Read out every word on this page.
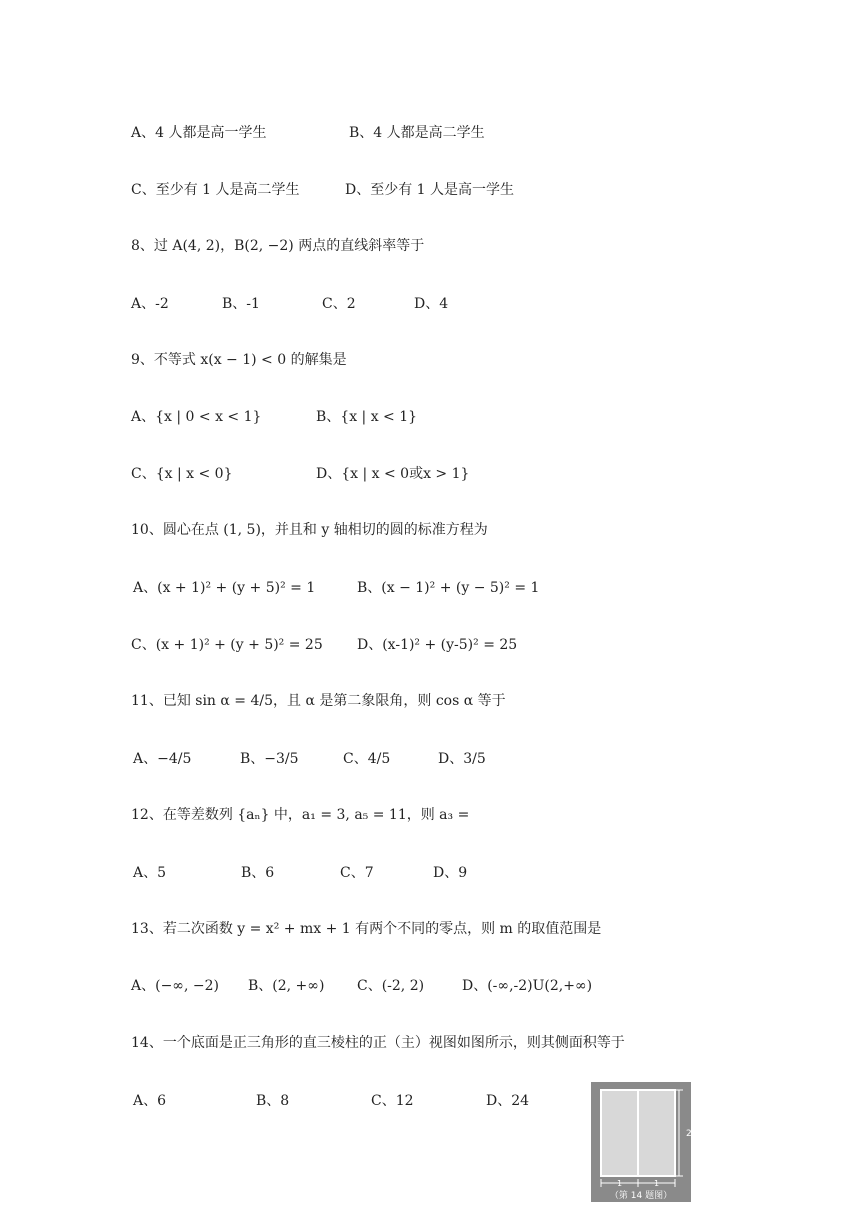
A、4 人都是高一学生	B、4 人都是高二学生
C、至少有 1 人是高二学生	D、至少有 1 人是高一学生
8、过 A(4, 2)，B(2, −2) 两点的直线斜率等于
A、-2	B、-1	C、2	D、4
9、不等式 x(x − 1) < 0 的解集是
A、{x | 0 < x < 1}	B、{x | x < 1}
C、{x | x < 0}	D、{x | x < 0或x > 1}
10、圆心在点 (1, 5)，并且和 y 轴相切的圆的标准方程为
A、(x + 1)² + (y + 5)² = 1	B、(x − 1)² + (y − 5)² = 1
C、(x + 1)² + (y + 5)² = 25 D、(x-1)² + (y-5)² = 25
11、已知 sin α = 4/5，且 α 是第二象限角，则 cos α 等于
A、−4/5	B、−3/5	C、4/5	D、3/5
12、在等差数列 {aₙ} 中，a₁ = 3, a₅ = 11，则 a₃ =
A、5	B、6	C、7	D、9
13、若二次函数 y = x² + mx + 1 有两个不同的零点，则 m 的取值范围是
A、(−∞, −2) B、(2, +∞) C、(-2, 2)	D、(-∞,-2)U(2,+∞)
14、一个底面是正三角形的直三棱柱的正（主）视图如图所示，则其侧面积等于
A、6	B、8	C、12	D、24
2
1	1
（第 14 题图）
